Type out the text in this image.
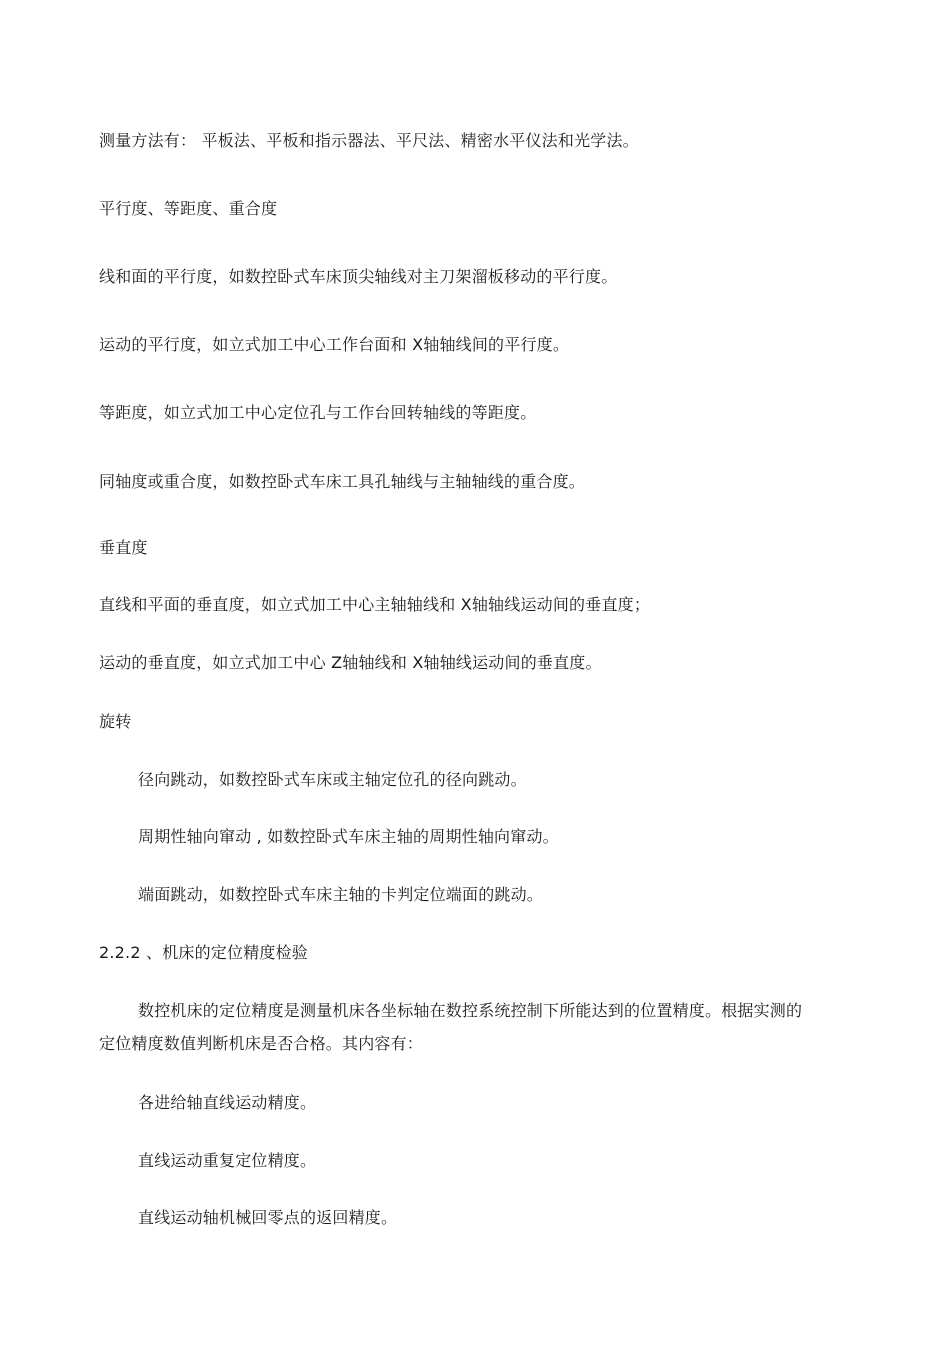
测量方法有： 平板法、平板和指示器法、平尺法、精密水平仪法和光学法。
平行度、等距度、重合度
线和面的平行度，如数控卧式车床顶尖轴线对主刀架溜板移动的平行度。
运动的平行度，如立式加工中心工作台面和 X轴轴线间的平行度。
等距度，如立式加工中心定位孔与工作台回转轴线的等距度。
同轴度或重合度，如数控卧式车床工具孔轴线与主轴轴线的重合度。
垂直度
直线和平面的垂直度，如立式加工中心主轴轴线和 X轴轴线运动间的垂直度；
运动的垂直度，如立式加工中心 Z轴轴线和 X轴轴线运动间的垂直度。
旋转
径向跳动，如数控卧式车床或主轴定位孔的径向跳动。
周期性轴向窜动 , 如数控卧式车床主轴的周期性轴向窜动。
端面跳动，如数控卧式车床主轴的卡判定位端面的跳动。
2.2.2 、机床的定位精度检验
数控机床的定位精度是测量机床各坐标轴在数控系统控制下所能达到的位置精度。根据实测的定位精度数值判断机床是否合格。其内容有：
各进给轴直线运动精度。
直线运动重复定位精度。
直线运动轴机械回零点的返回精度。
